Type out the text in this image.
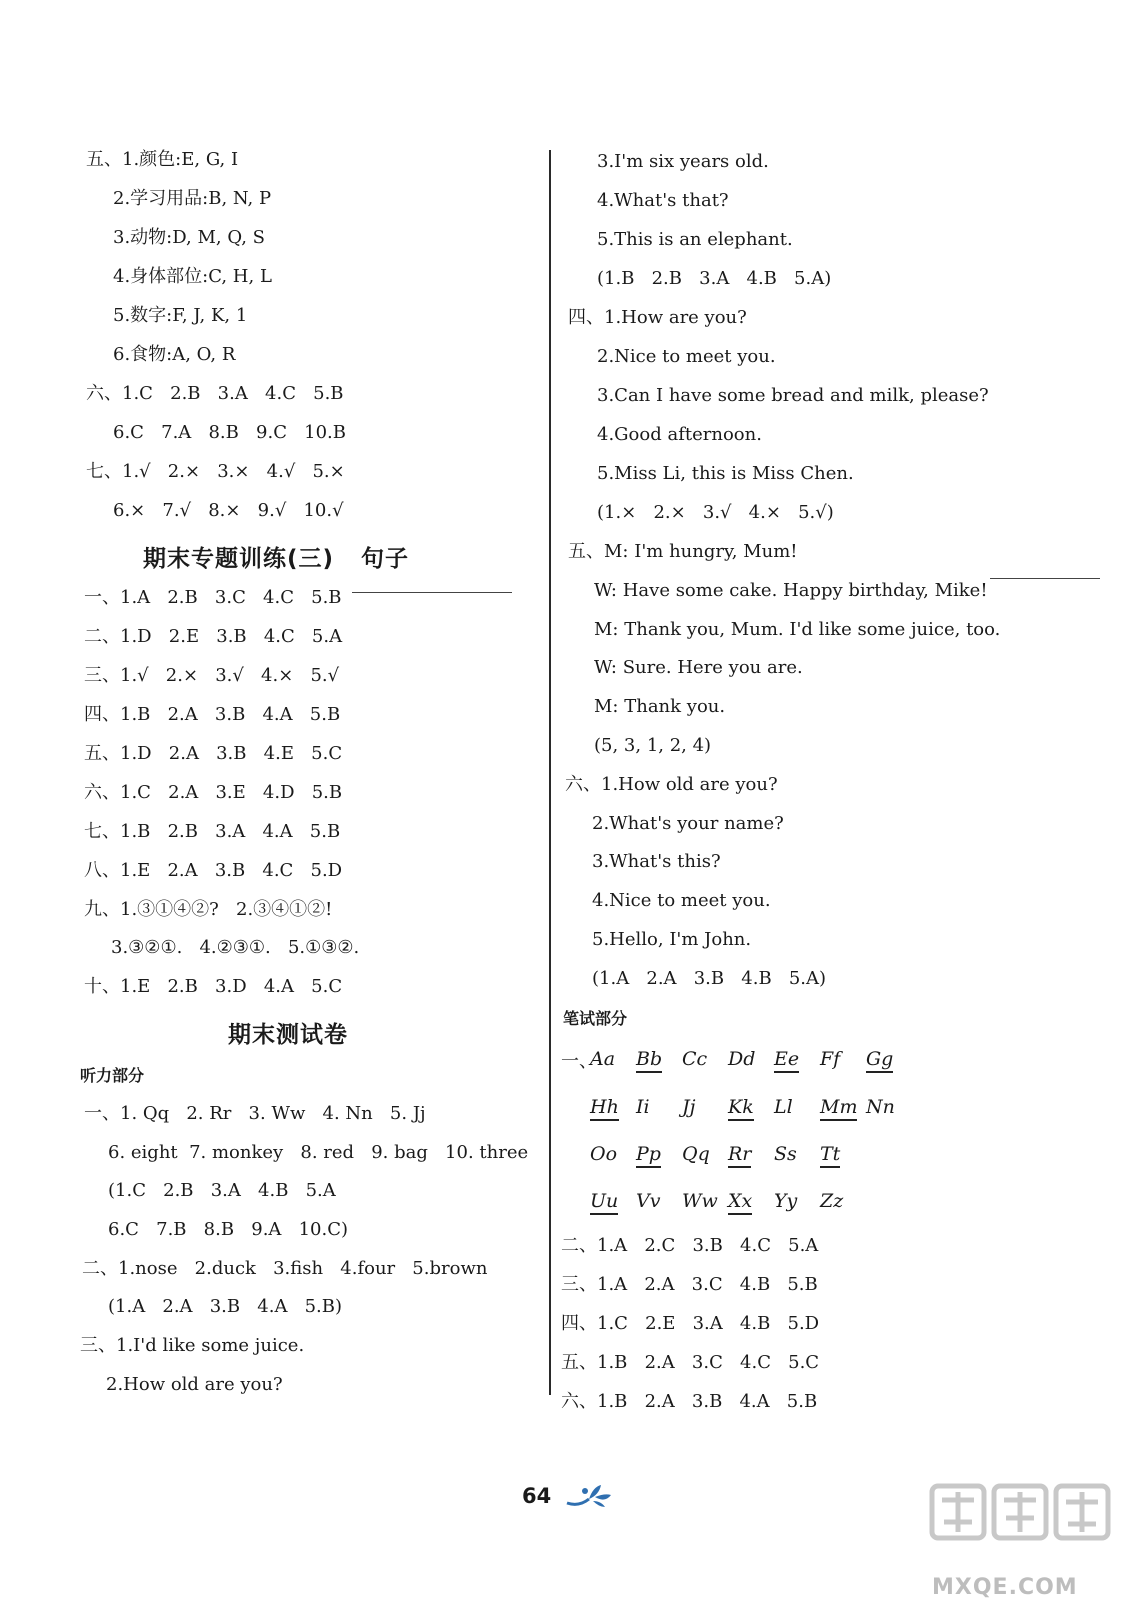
五、1.颜色:E, G, I
2.学习用品:B, N, P
3.动物:D, M, Q, S
4.身体部位:C, H, L
5.数字:F, J, K, 1
6.食物:A, O, R
六、1.C   2.B   3.A   4.C   5.B
6.C   7.A   8.B   9.C   10.B
七、1.√   2.×   3.×   4.√   5.×
6.×   7.√   8.×   9.√   10.√
一、1.A   2.B   3.C   4.C   5.B
二、1.D   2.E   3.B   4.C   5.A
三、1.√   2.×   3.√   4.×   5.√
四、1.B   2.A   3.B   4.A   5.B
五、1.D   2.A   3.B   4.E   5.C
六、1.C   2.A   3.E   4.D   5.B
七、1.B   2.B   3.A   4.A   5.B
八、1.E   2.A   3.B   4.C   5.D
九、1.③①④②?   2.③④①②!
3.③②①.   4.②③①.   5.①③②.
十、1.E   2.B   3.D   4.A   5.C
一、1. Qq   2. Rr   3. Ww   4. Nn   5. Jj
6. eight  7. monkey   8. red   9. bag   10. three
(1.C   2.B   3.A   4.B   5.A
6.C   7.B   8.B   9.A   10.C)
二、1.nose   2.duck   3.fish   4.four   5.brown
(1.A   2.A   3.B   4.A   5.B)
三、1.I'd like some juice.
2.How old are you?
期末专题训练(三)   句子
期末测试卷
听力部分
3.I'm six years old.
4.What's that?
5.This is an elephant.
(1.B   2.B   3.A   4.B   5.A)
四、1.How are you?
2.Nice to meet you.
3.Can I have some bread and milk, please?
4.Good afternoon.
5.Miss Li, this is Miss Chen.
(1.×   2.×   3.√   4.×   5.√)
五、M: I'm hungry, Mum!
W: Have some cake. Happy birthday, Mike!
M: Thank you, Mum. I'd like some juice, too.
W: Sure. Here you are.
M: Thank you.
(5, 3, 1, 2, 4)
六、1.How old are you?
2.What's your name?
3.What's this?
4.Nice to meet you.
5.Hello, I'm John.
(1.A   2.A   3.B   4.B   5.A)
二、1.A   2.C   3.B   4.C   5.A
三、1.A   2.A   3.C   4.B   5.B
四、1.C   2.E   3.A   4.B   5.D
五、1.B   2.A   3.C   4.C   5.C
六、1.B   2.A   3.B   4.A   5.B
笔试部分
一、
Aa Bb Cc Dd Ee Ff Gg
Hh Ii Jj Kk Ll Mm Nn
Oo Pp Qq Rr Ss Tt
Uu Vv Ww Xx Yy Zz
64
MXQE.COM
